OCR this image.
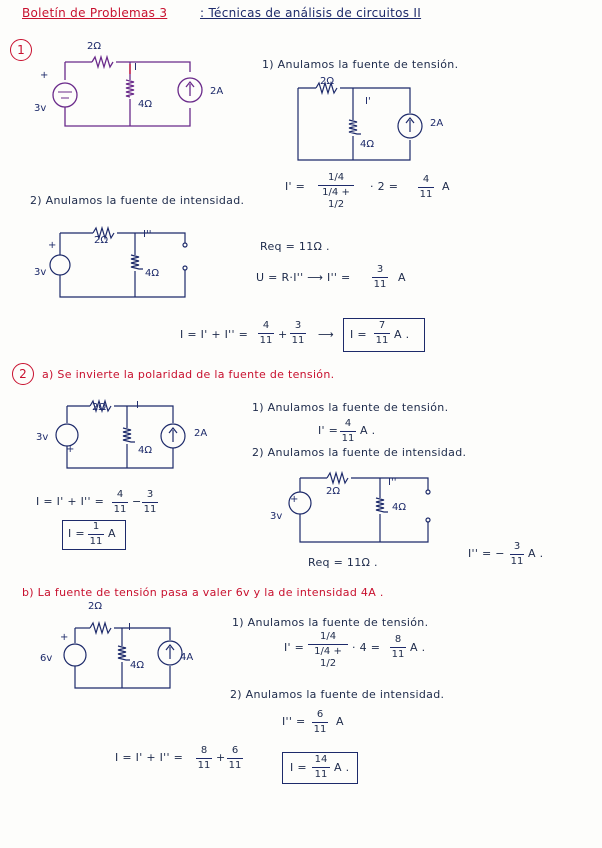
Boletín de Problemas 3	: Técnicas de análisis de circuitos II
1	2Ω
4Ω
I
+
3v
2A
1) Anulamos la fuente de tensión.
2Ω
4Ω
I'
2A
I' =
1/4
1/4 + 1/2
· 2 =
4
11
A
2) Anulamos la fuente de intensidad.
2Ω
4Ω
I''
+
3v
Req = 11Ω .
U = R·I'' ⟶ I'' =
3
11
A
I = I' + I'' =
4
11 +
3
11 ⟶ I =
7
11 A .
2	a) Se invierte la polaridad de la fuente de tensión.
2Ω
4Ω
I
3v
+
2A
1) Anulamos la fuente de tensión.
I' =
4
11
A .
2) Anulamos la fuente de intensidad.
2Ω
4Ω
I''
+
3v
I = I' + I'' =
4
11
−
3
11
I =
1
11
A
Req = 11Ω .
I'' = −
3
11
A .
b) La fuente de tensión pasa a valer 6v y la de intensidad 4A .
2Ω
4Ω
I
+
6v	4A
1) Anulamos la fuente de tensión.
I' =
1/4
1/4 + 1/2
· 4 =
8
11
A .
2) Anulamos la fuente de intensidad.
I'' =
6
11
A
I = I' + I'' =
8
11
+
6
11	I =
14
11
A .
